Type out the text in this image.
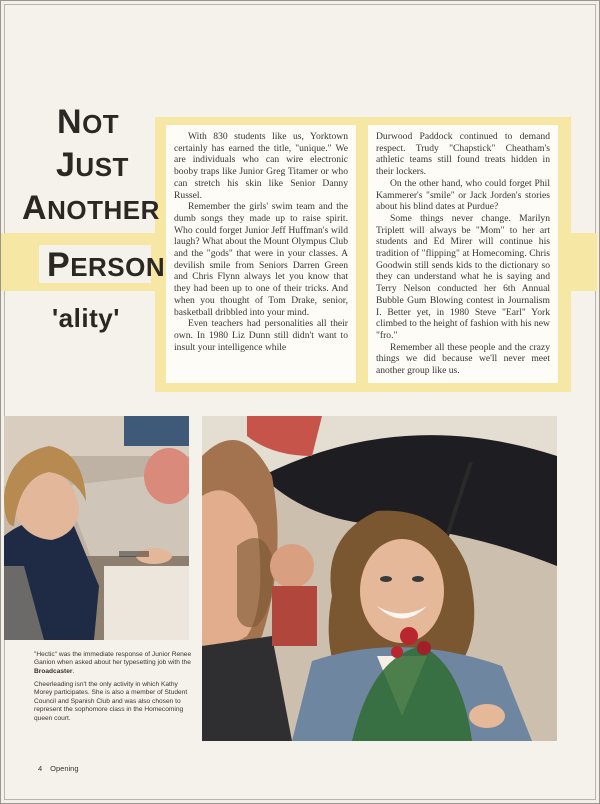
NOT
JUST
ANOTHER
PERSON
'ality'

With 830 students like us, Yorktown certainly has earned the title, "unique." We are individuals who can wire electronic booby traps like Junior Greg Titamer or who can stretch his skin like Senior Danny Russel.

Remember the girls' swim team and the dumb songs they made up to raise spirit. Who could forget Junior Jeff Huffman's wild laugh? What about the Mount Olympus Club and the "gods" that were in your classes. A devilish smile from Seniors Darren Green and Chris Flynn always let you know that they had been up to one of their tricks. And when you thought of Tom Drake, senior, basketball dribbled into your mind.

Even teachers had personalities all their own. In 1980 Liz Dunn still didn't want to insult your intelligence while

Durwood Paddock continued to demand respect. Trudy "Chapstick" Cheatham's athletic teams still found treats hidden in their lockers.

On the other hand, who could forget Phil Kammerer's "smile" or Jack Jorden's stories about his blind dates at Purdue?

Some things never change. Marilyn Triplett will always be "Mom" to her art students and Ed Mirer will continue his tradition of "flipping" at Homecoming. Chris Goodwin still sends kids to the dictionary so they can understand what he is saying and Terry Nelson conducted her 6th Annual Bubble Gum Blowing contest in Journalism I. Better yet, in 1980 Steve "Earl" York climbed to the height of fashion with his new "fro."

Remember all these people and the crazy things we did because we'll never meet another group like us.

"Hectic" was the immediate response of Junior Renee Ganion when asked about her typesetting job with the Broadcaster.
Cheerleading isn't the only activity in which Kathy Morey participates. She is also a member of Student Council and Spanish Club and was also chosen to represent the sophomore class in the Homecoming queen court.
4 Opening
